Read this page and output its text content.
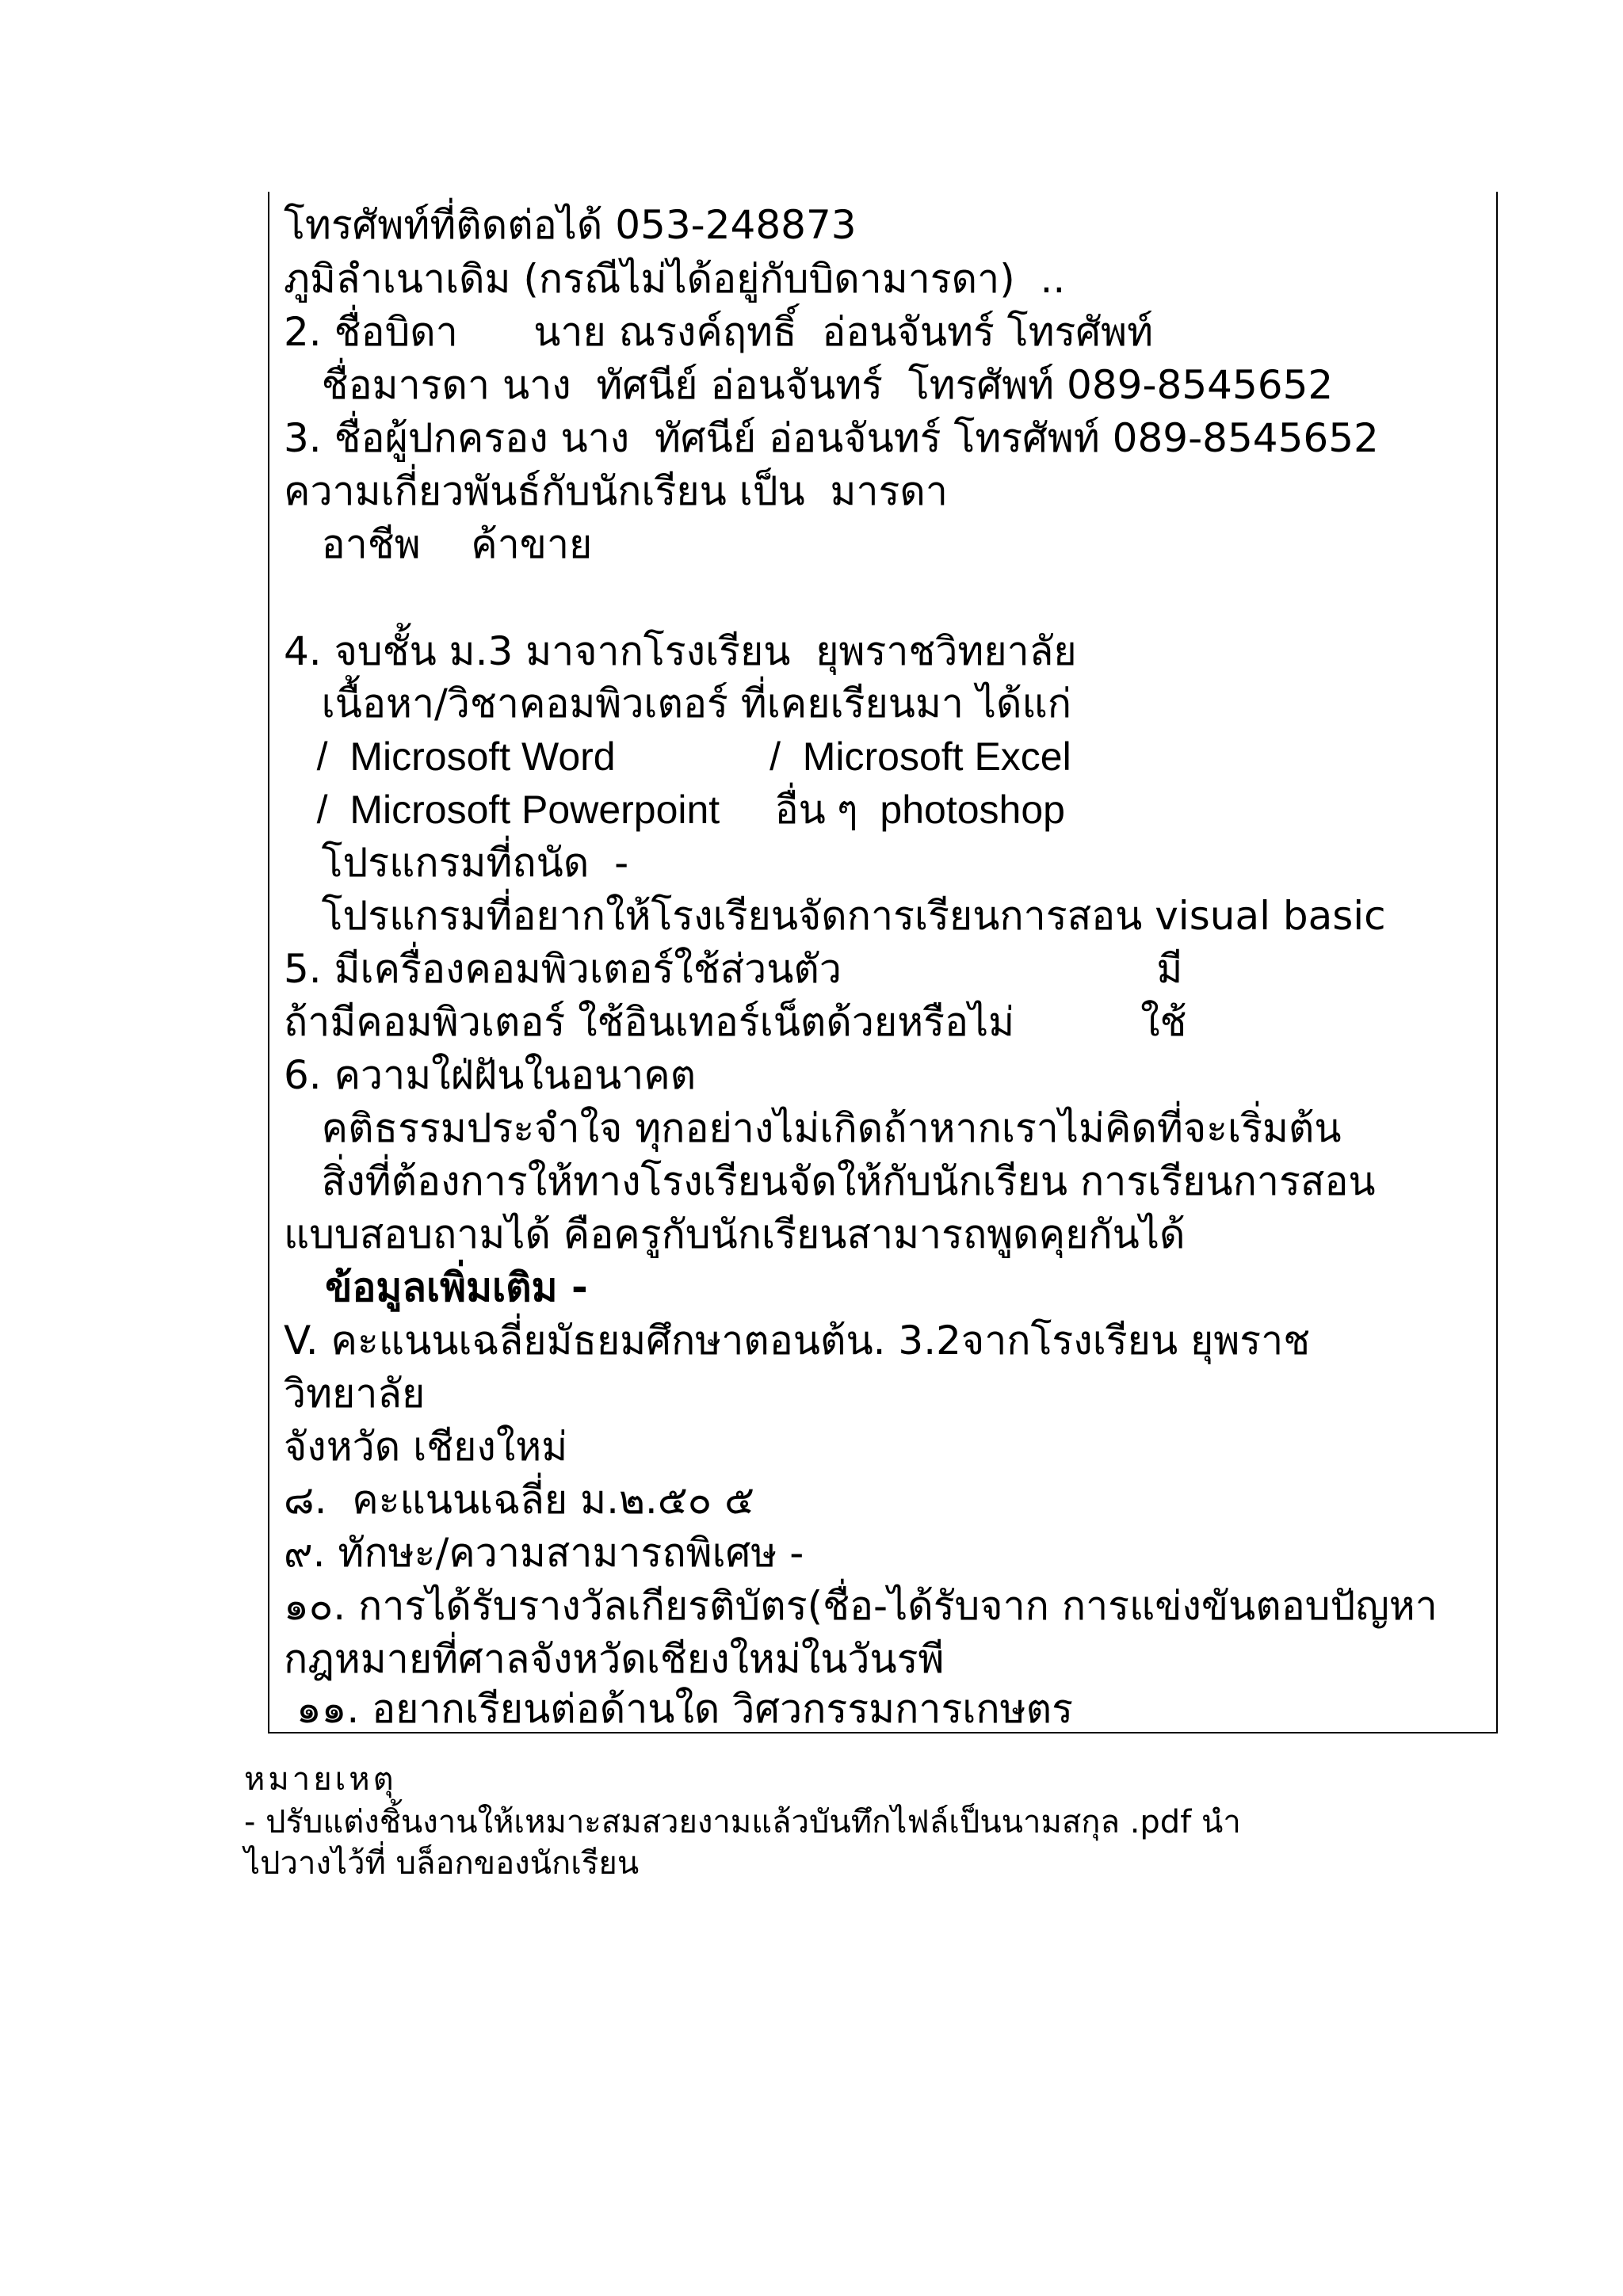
โทรศัพท์ที่ติดต่อได้ 053-248873
ภูมิลำเนาเดิม (กรณีไม่ได้อยู่กับบิดามารดา)  ..
2. ชื่อบิดา      นาย ณรงค์ฤทธิ์  อ่อนจันทร์ โทรศัพท์
ชื่อมารดา นาง  ทัศนีย์ อ่อนจันทร์  โทรศัพท์ 089-8545652
3. ชื่อผู้ปกครอง นาง  ทัศนีย์ อ่อนจันทร์ โทรศัพท์ 089-8545652
ความเกี่ยวพันธ์กับนักเรียน เป็น  มารดา
อาชีพ    ค้าขาย
4. จบชั้น ม.3 มาจากโรงเรียน  ยุพราชวิทยาลัย
เนื้อหา/วิชาคอมพิวเตอร์ ที่เคยเรียนมา ได้แก่
/  Microsoft Word              /  Microsoft Excel
/  Microsoft Powerpoint     อื่น ๆ  photoshop
โปรแกรมที่ถนัด  -
โปรแกรมที่อยากให้โรงเรียนจัดการเรียนการสอน visual basic
5. มีเครื่องคอมพิวเตอร์ใช้ส่วนตัว                         มี
ถ้ามีคอมพิวเตอร์ ใช้อินเทอร์เน็ตด้วยหรือไม่          ใช้
6. ความใฝ่ฝันในอนาคต
คติธรรมประจำใจ ทุกอย่างไม่เกิดถ้าหากเราไม่คิดที่จะเริ่มต้น
สิ่งที่ต้องการให้ทางโรงเรียนจัดให้กับนักเรียน การเรียนการสอน
แบบสอบถามได้ คือครูกับนักเรียนสามารถพูดคุยกันได้
ข้อมูลเพิ่มเติม -
V. คะแนนเฉลี่ยมัธยมศึกษาตอนต้น. 3.2จากโรงเรียน ยุพราช
วิทยาลัย
จังหวัด เชียงใหม่
๘.  คะแนนเฉลี่ย ม.๒.๕๐ ๕
๙. ทักษะ/ความสามารถพิเศษ -
๑๐. การได้รับรางวัลเกียรติบัตร(ชื่อ-ได้รับจาก การแข่งขันตอบปัญหา
กฎหมายที่ศาลจังหวัดเชียงใหม่ในวันรพี
๑๑. อยากเรียนต่อด้านใด วิศวกรรมการเกษตร
หมายเหตุ
- ปรับแต่งชิ้นงานให้เหมาะสมสวยงามแล้วบันทึกไฟล์เป็นนามสกุล .pdf นำ
ไปวางไว้ที่ บล็อกของนักเรียน
